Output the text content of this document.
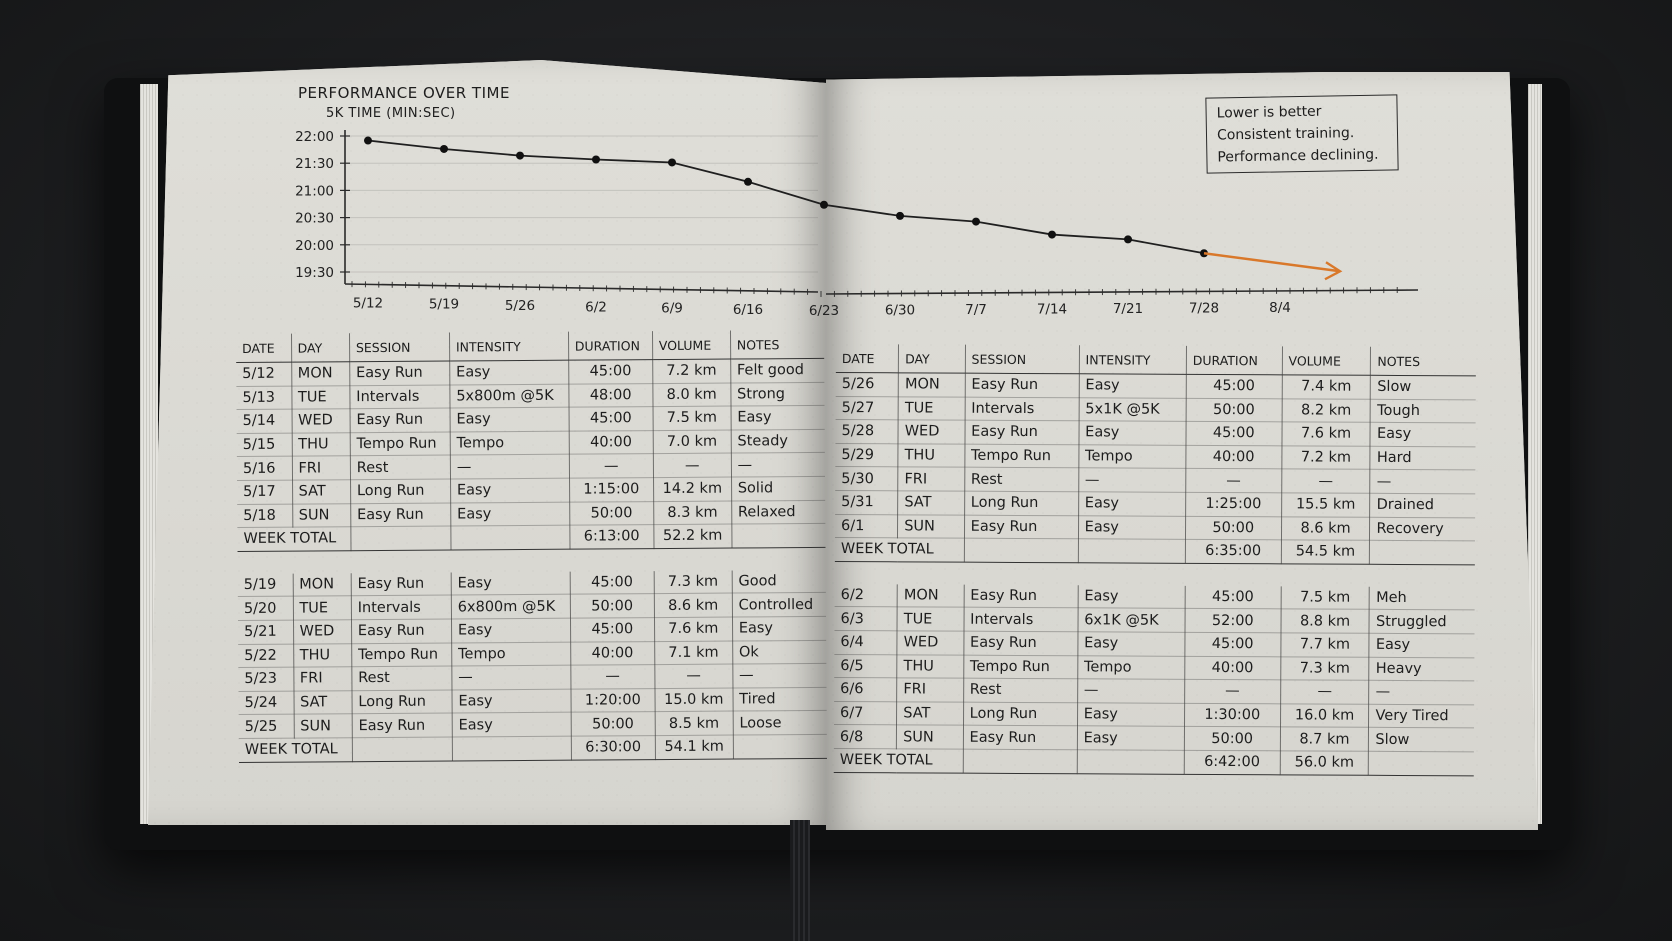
PERFORMANCE OVER TIME
5K TIME (MIN:SEC)	Lower is better
Consistent training.
Performance declining.
22:00
21:30
21:00
20:30
20:00
19:30
5/12	5/19	5/26	6/2	6/9	6/16	6/23	6/30	7/7	7/14	7/21	7/28	8/4
DATE	DAY	SESSION	INTENSITY	DURATION	VOLUME	NOTES
5/12	MON	Easy Run	Easy	45:00	7.2 km	Felt good
5/13	TUE	Intervals	5x800m @5K	48:00	8.0 km	Strong
5/14	WED	Easy Run	Easy	45:00	7.5 km	Easy
5/15	THU	Tempo Run	Tempo	40:00	7.0 km	Steady
5/16	FRI	Rest	—	—	—	—
5/17	SAT	Long Run	Easy	1:15:00	14.2 km	Solid
5/18	SUN	Easy Run	Easy	50:00	8.3 km	Relaxed
WEEK TOTAL				6:13:00	52.2 km	

5/19	MON	Easy Run	Easy	45:00	7.3 km	Good
5/20	TUE	Intervals	6x800m @5K	50:00	8.6 km	Controlled
5/21	WED	Easy Run	Easy	45:00	7.6 km	Easy
5/22	THU	Tempo Run	Tempo	40:00	7.1 km	Ok
5/23	FRI	Rest	—	—	—	—
5/24	SAT	Long Run	Easy	1:20:00	15.0 km	Tired
5/25	SUN	Easy Run	Easy	50:00	8.5 km	Loose
WEEK TOTAL				6:30:00	54.1 km	
DATE	DAY	SESSION	INTENSITY	DURATION	VOLUME	NOTES
5/26	MON	Easy Run	Easy	45:00	7.4 km	Slow
5/27	TUE	Intervals	5x1K @5K	50:00	8.2 km	Tough
5/28	WED	Easy Run	Easy	45:00	7.6 km	Easy
5/29	THU	Tempo Run	Tempo	40:00	7.2 km	Hard
5/30	FRI	Rest	—	—	—	—
5/31	SAT	Long Run	Easy	1:25:00	15.5 km	Drained
6/1	SUN	Easy Run	Easy	50:00	8.6 km	Recovery
WEEK TOTAL				6:35:00	54.5 km	

6/2	MON	Easy Run	Easy	45:00	7.5 km	Meh
6/3	TUE	Intervals	6x1K @5K	52:00	8.8 km	Struggled
6/4	WED	Easy Run	Easy	45:00	7.7 km	Easy
6/5	THU	Tempo Run	Tempo	40:00	7.3 km	Heavy
6/6	FRI	Rest	—	—	—	—
6/7	SAT	Long Run	Easy	1:30:00	16.0 km	Very Tired
6/8	SUN	Easy Run	Easy	50:00	8.7 km	Slow
WEEK TOTAL				6:42:00	56.0 km	
